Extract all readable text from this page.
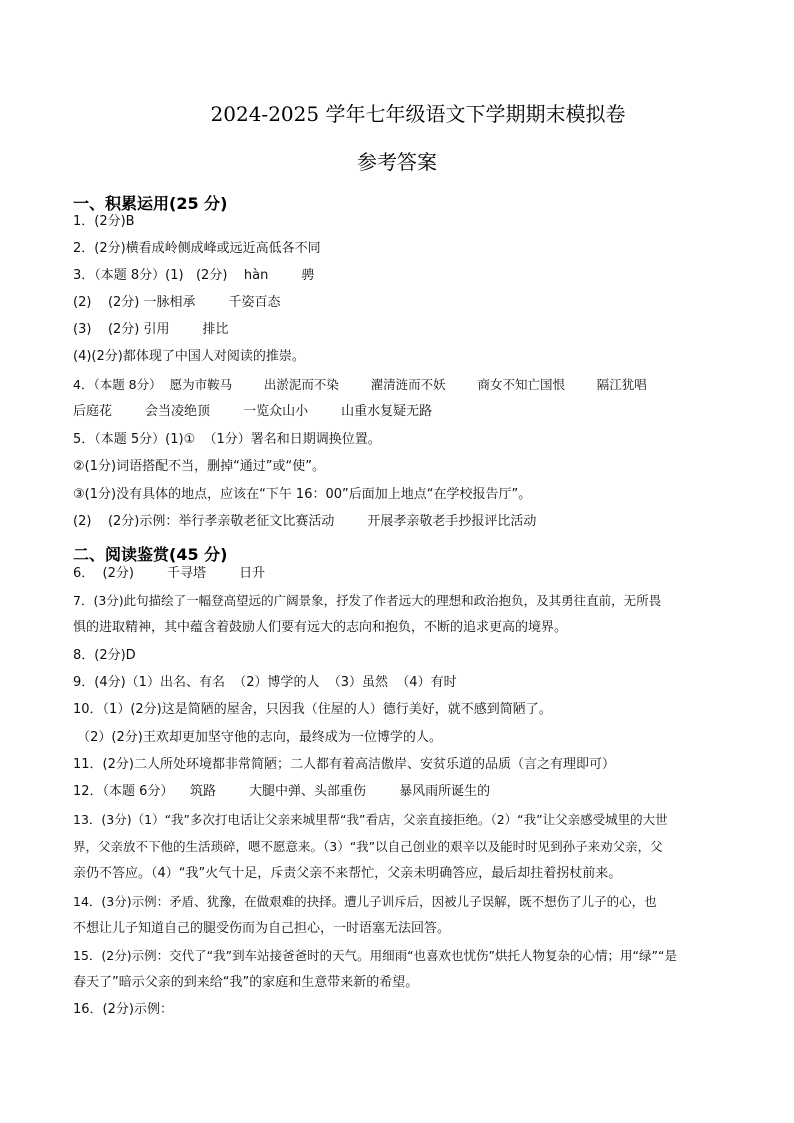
2024-2025 学年七年级语文下学期期末模拟卷
参考答案
一、积累运用(25 分)
1．(2分)B
2．(2分)横看成岭侧成峰或远近高低各不同
3．（本题 8分）(1)   (2分)    hàn        骋
(2)    (2分) 一脉相承        千姿百态
(3)    (2分) 引用        排比
(4)(2分)都体现了中国人对阅读的推崇。
4．（本题 8分）  愿为市鞍马        出淤泥而不染        濯清涟而不妖        商女不知亡国恨        隔江犹唱
后庭花        会当凌绝顶        一览众山小        山重水复疑无路
5．（本题 5分）(1)①  （1分）署名和日期调换位置。
②(1分)词语搭配不当，删掉“通过”或“使”。
③(1分)没有具体的地点，应该在“下午 16：00”后面加上地点“在学校报告厅”。
(2)    (2分)示例：举行孝亲敬老征文比赛活动        开展孝亲敬老手抄报评比活动
二、阅读鉴赏(45 分)
6．  (2分)        千寻塔        日升
7．(3分)此句描绘了一幅登高望远的广阔景象，抒发了作者远大的理想和政治抱负，及其勇往直前，无所畏
惧的进取精神，其中蕴含着鼓励人们要有远大的志向和抱负，不断的追求更高的境界。
8．(2分)D
9．(4分)（1）出名、有名  （2）博学的人  （3）虽然  （4）有时
10．（1）(2分)这是简陋的屋舍，只因我（住屋的人）德行美好，就不感到简陋了。
（2）(2分)王欢却更加坚守他的志向，最终成为一位博学的人。
11．(2分)二人所处环境都非常简陋；二人都有着高洁傲岸、安贫乐道的品质（言之有理即可）
12．（本题 6分）    筑路        大腿中弹、头部重伤        暴风雨所诞生的
13．(3分)（1）“我”多次打电话让父亲来城里帮“我”看店，父亲直接拒绝。（2）“我”让父亲感受城里的大世
界，父亲放不下他的生活琐碎，嗯不愿意来。（3）“我”以自己创业的艰辛以及能时时见到孙子来劝父亲，父
亲仍不答应。（4）“我”火气十足，斥责父亲不来帮忙，父亲未明确答应，最后却拄着拐杖前来。
14．(3分)示例：矛盾、犹豫，在做艰难的抉择。遭儿子训斥后，因被儿子误解，既不想伤了儿子的心，也
不想让儿子知道自己的腿受伤而为自己担心，一时语塞无法回答。
15．(2分)示例：交代了“我”到车站接爸爸时的天气。用细雨“也喜欢也忧伤”烘托人物复杂的心情；用“绿”“是
春天了”暗示父亲的到来给“我”的家庭和生意带来新的希望。
16．(2分)示例：
